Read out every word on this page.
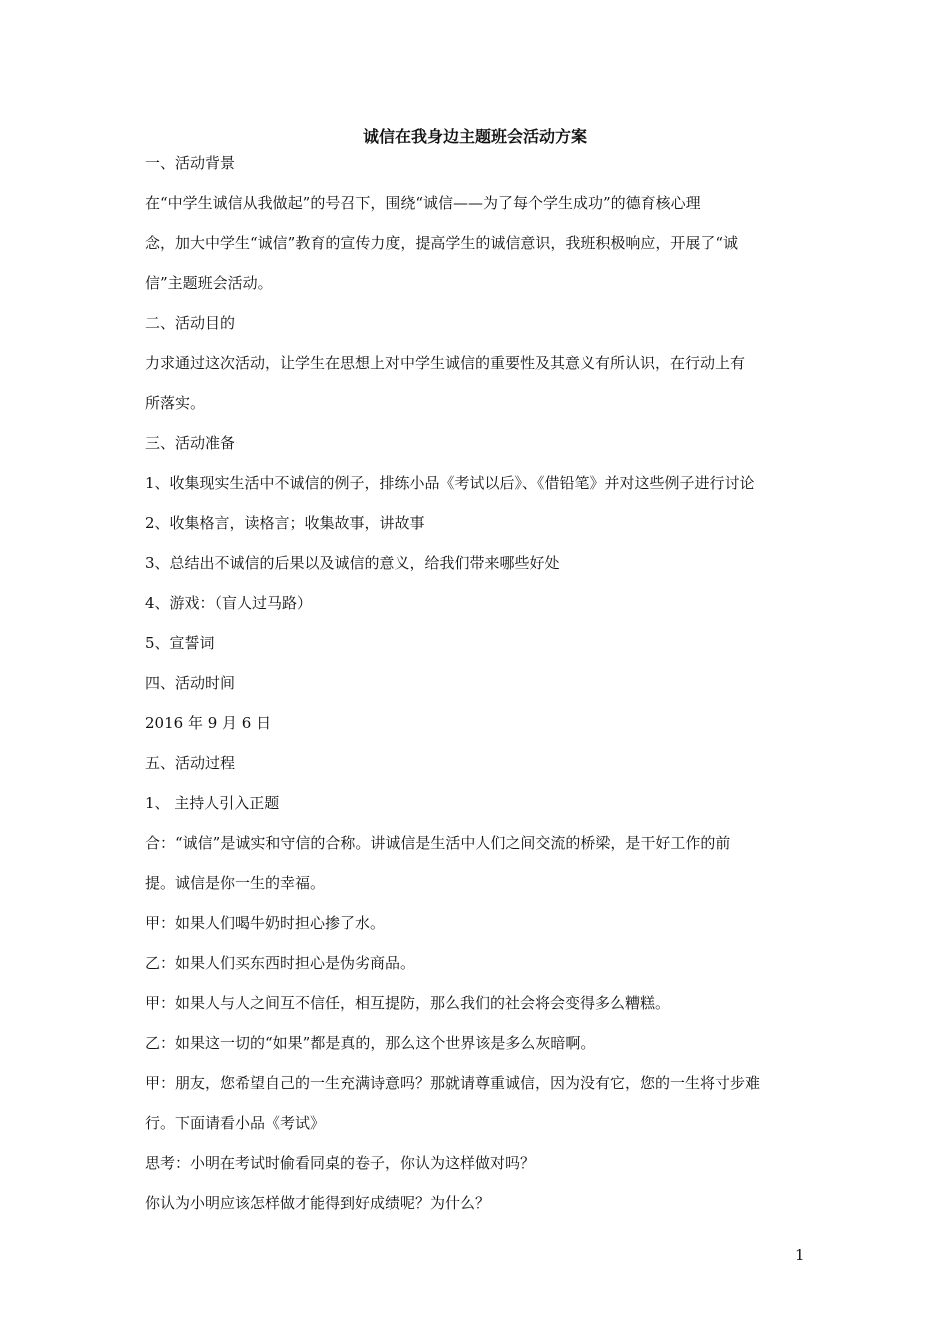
诚信在我身边主题班会活动方案

一、活动背景

在“中学生诚信从我做起”的号召下，围绕“诚信——为了每个学生成功”的德育核心理

念，加大中学生“诚信”教育的宣传力度，提高学生的诚信意识，我班积极响应，开展了“诚

信”主题班会活动。

二、活动目的

力求通过这次活动，让学生在思想上对中学生诚信的重要性及其意义有所认识，在行动上有

所落实。

三、活动准备

1、收集现实生活中不诚信的例子，排练小品《考试以后》、《借铅笔》并对这些例子进行讨论

2、收集格言，读格言；收集故事，讲故事

3、总结出不诚信的后果以及诚信的意义，给我们带来哪些好处

4、游戏：（盲人过马路）

5、宣誓词

四、活动时间

2016 年 9 月 6 日

五、活动过程

1、 主持人引入正题

合：“诚信”是诚实和守信的合称。讲诚信是生活中人们之间交流的桥梁，是干好工作的前

提。诚信是你一生的幸福。

甲：如果人们喝牛奶时担心掺了水。

乙：如果人们买东西时担心是伪劣商品。

甲：如果人与人之间互不信任，相互提防，那么我们的社会将会变得多么糟糕。

乙：如果这一切的“如果”都是真的，那么这个世界该是多么灰暗啊。

甲：朋友，您希望自己的一生充满诗意吗？那就请尊重诚信，因为没有它，您的一生将寸步难

行。下面请看小品《考试》

思考：小明在考试时偷看同桌的卷子，你认为这样做对吗？

你认为小明应该怎样做才能得到好成绩呢？为什么？

1
